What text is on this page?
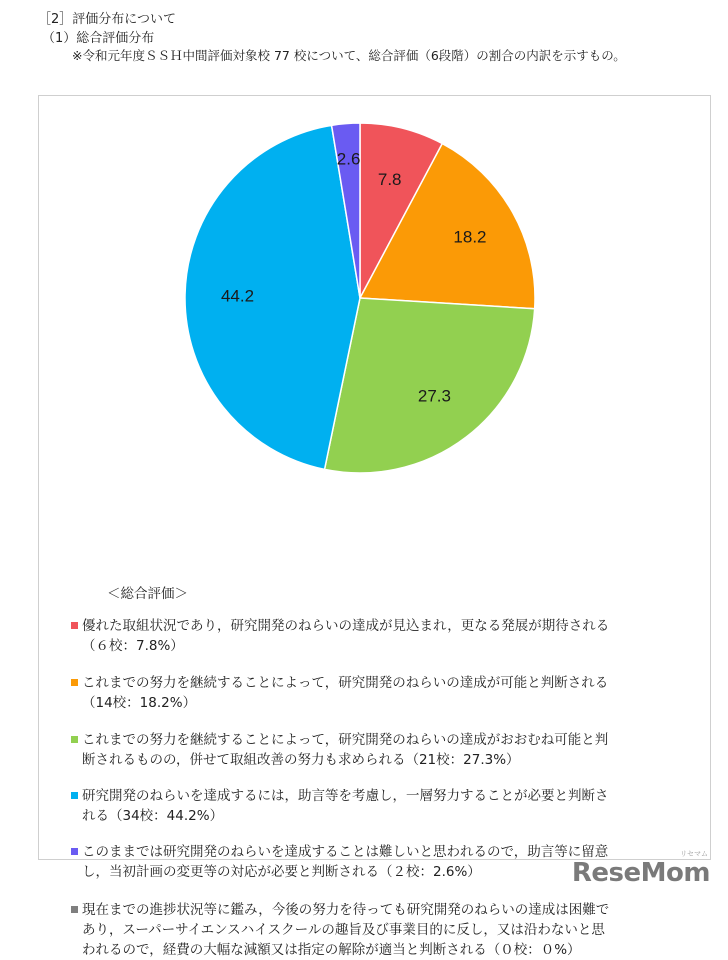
［2］評価分布について
（1）総合評価分布
※令和元年度ＳＳＨ中間評価対象校 77 校について、総合評価（6段階）の割合の内訳を示すもの。
7.8
18.2
27.3
44.2
2.6
＜総合評価＞
優れた取組状況であり，研究開発のねらいの達成が見込まれ，更なる発展が期待される
（６校：7.8%）
これまでの努力を継続することによって，研究開発のねらいの達成が可能と判断される
（14校：18.2%）
これまでの努力を継続することによって，研究開発のねらいの達成がおおむね可能と判
断されるものの，併せて取組改善の努力も求められる（21校：27.3%）
研究開発のねらいを達成するには，助言等を考慮し，一層努力することが必要と判断さ
れる（34校：44.2%）
このままでは研究開発のねらいを達成することは難しいと思われるので，助言等に留意
し，当初計画の変更等の対応が必要と判断される（２校：2.6%）
現在までの進捗状況等に鑑み，今後の努力を待っても研究開発のねらいの達成は困難で
あり，スーパーサイエンスハイスクールの趣旨及び事業目的に反し，又は沿わないと思
われるので，経費の大幅な減額又は指定の解除が適当と判断される（０校：０%）
リセマム
ReseMom
